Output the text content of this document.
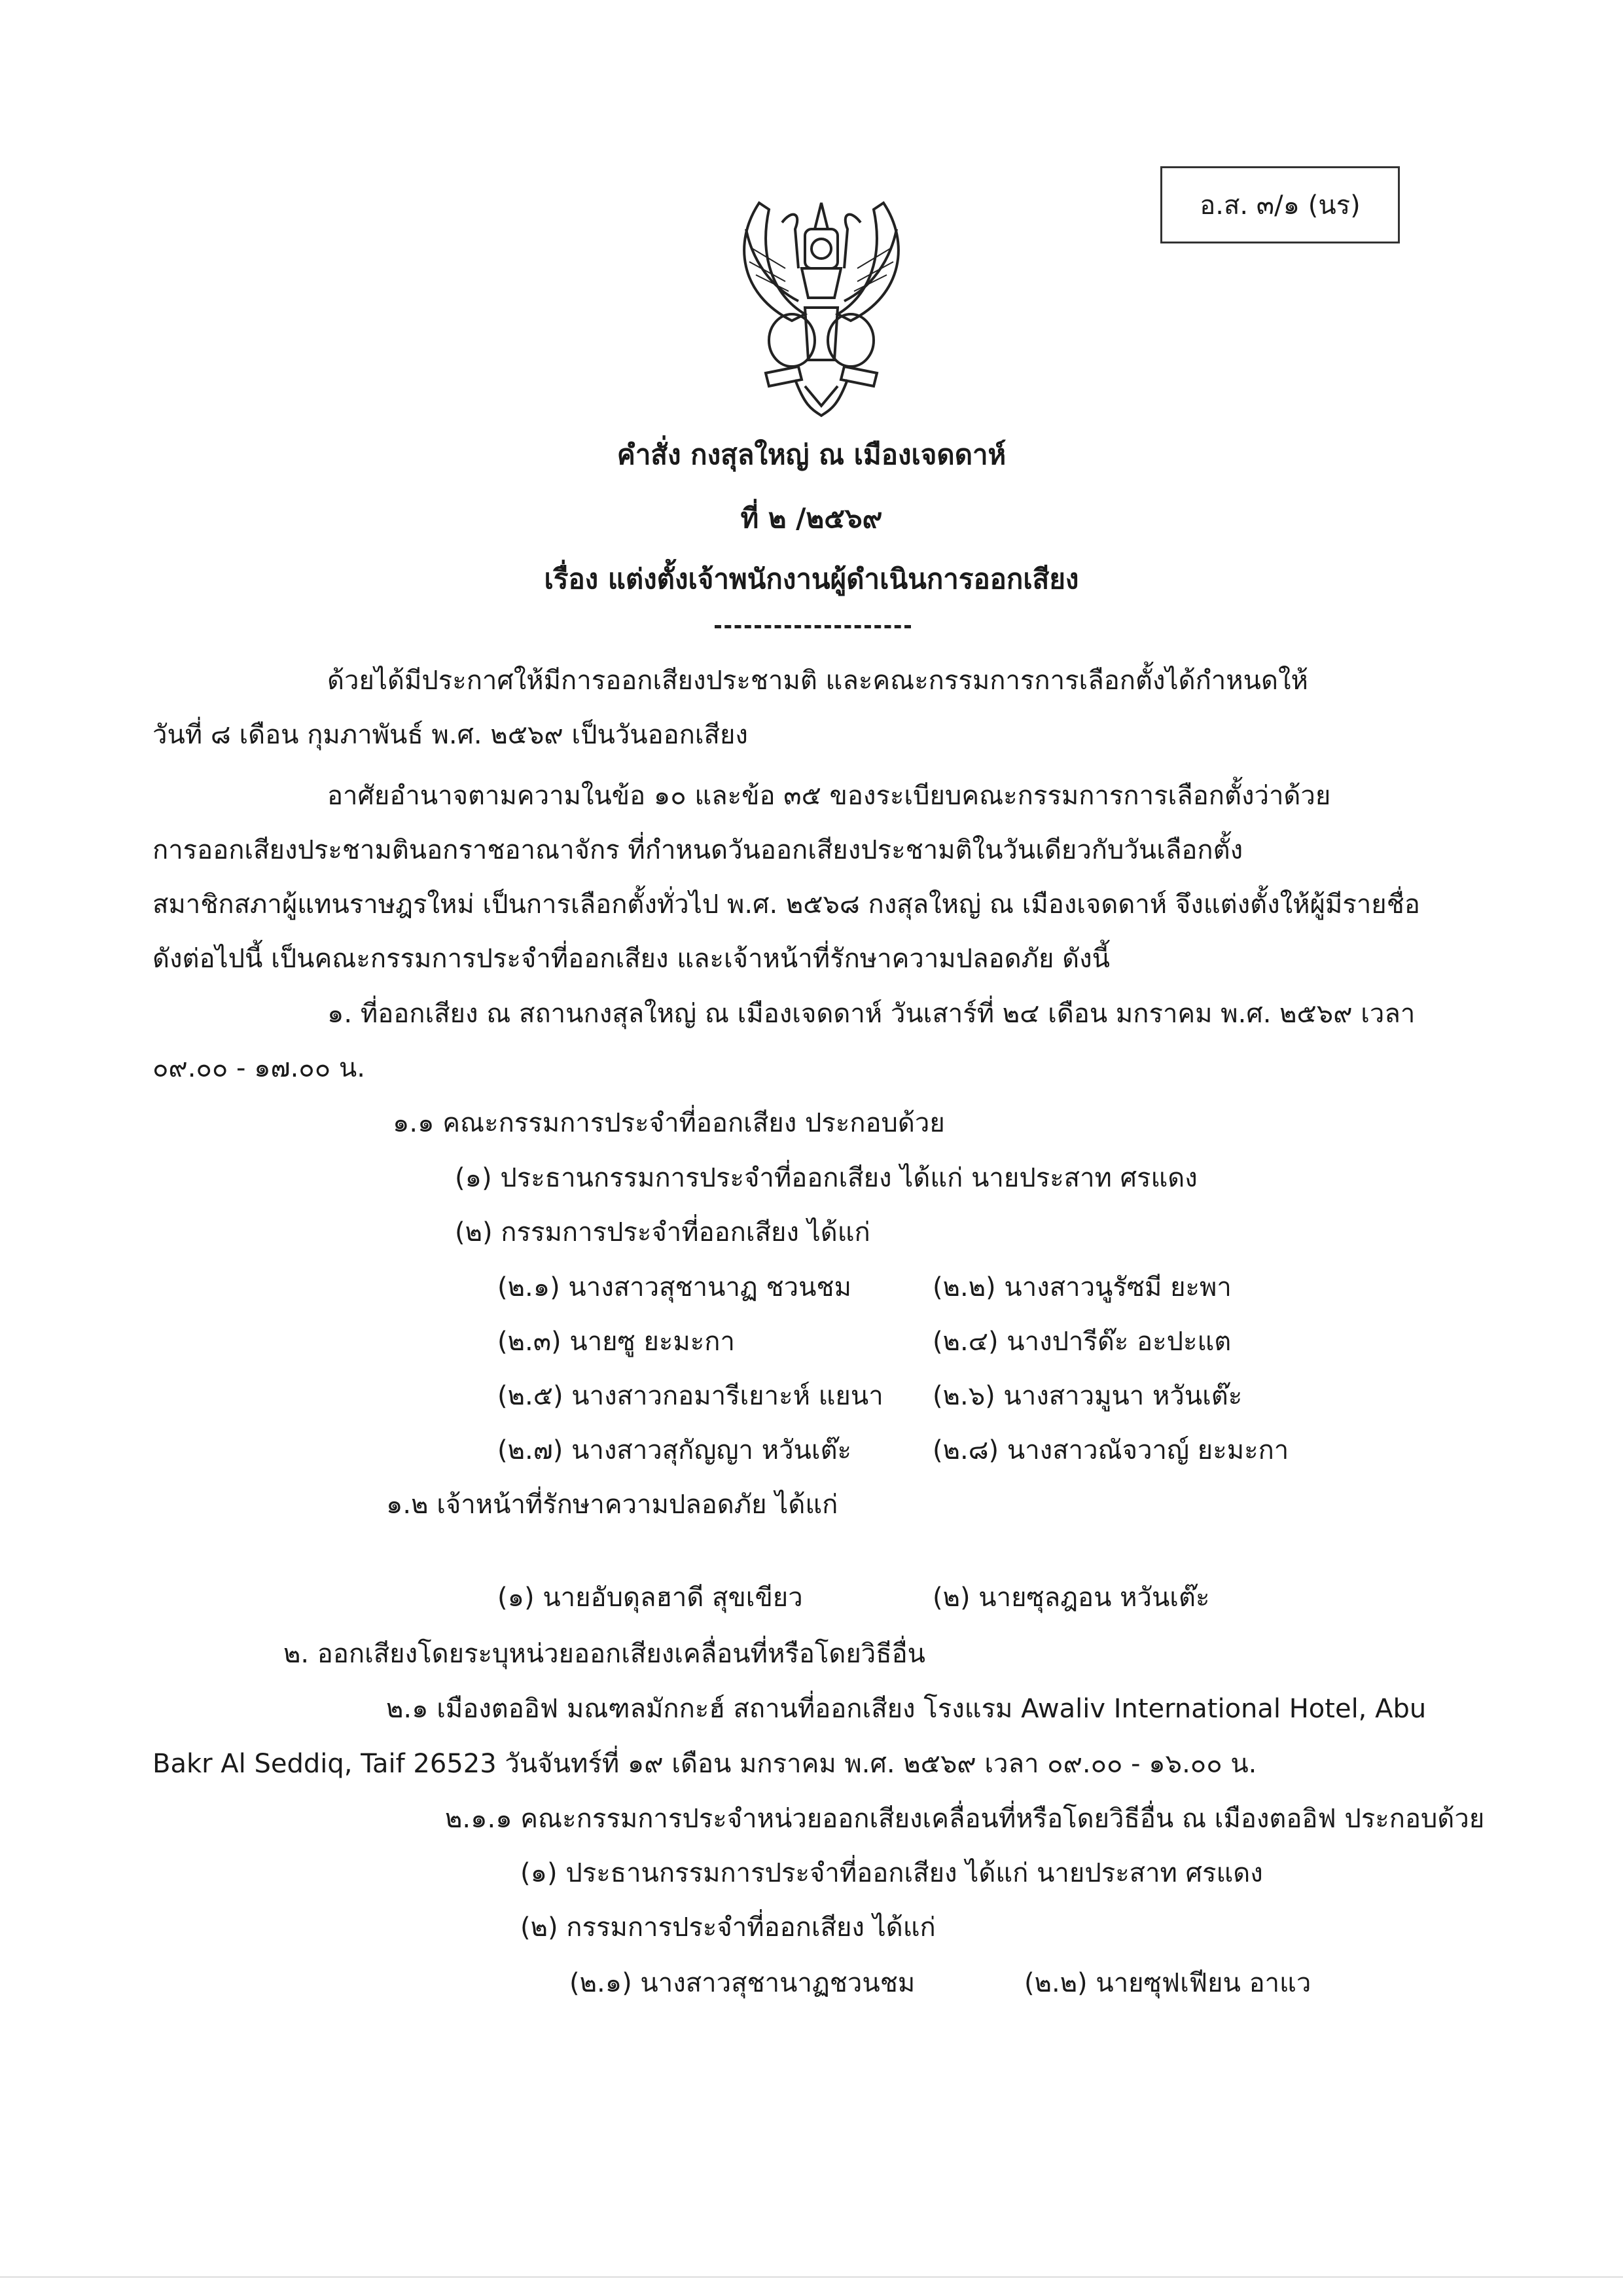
อ.ส. ๓/๑ (นร)
คำสั่ง กงสุลใหญ่ ณ เมืองเจดดาห์
ที่ ๒ /๒๕๖๙
เรื่อง แต่งตั้งเจ้าพนักงานผู้ดำเนินการออกเสียง
ด้วยได้มีประกาศให้มีการออกเสียงประชามติ และคณะกรรมการการเลือกตั้งได้กำหนดให้
วันที่ ๘ เดือน กุมภาพันธ์ พ.ศ. ๒๕๖๙ เป็นวันออกเสียง
อาศัยอำนาจตามความในข้อ ๑๐ และข้อ ๓๕ ของระเบียบคณะกรรมการการเลือกตั้งว่าด้วย
การออกเสียงประชามตินอกราชอาณาจักร ที่กำหนดวันออกเสียงประชามติในวันเดียวกับวันเลือกตั้ง
สมาชิกสภาผู้แทนราษฎรใหม่ เป็นการเลือกตั้งทั่วไป พ.ศ. ๒๕๖๘ กงสุลใหญ่ ณ เมืองเจดดาห์ จึงแต่งตั้งให้ผู้มีรายชื่อ
ดังต่อไปนี้ เป็นคณะกรรมการประจำที่ออกเสียง และเจ้าหน้าที่รักษาความปลอดภัย ดังนี้
๑. ที่ออกเสียง ณ สถานกงสุลใหญ่ ณ เมืองเจดดาห์ วันเสาร์ที่ ๒๔ เดือน มกราคม พ.ศ. ๒๕๖๙ เวลา
๐๙.๐๐ - ๑๗.๐๐ น.
๑.๑ คณะกรรมการประจำที่ออกเสียง ประกอบด้วย
(๑) ประธานกรรมการประจำที่ออกเสียง ได้แก่ นายประสาท ศรแดง
(๒) กรรมการประจำที่ออกเสียง ได้แก่
(๒.๑) นางสาวสุชานาฏ ชวนชม	(๒.๒) นางสาวนูรัซมี ยะพา
(๒.๓) นายซู ยะมะกา	(๒.๔) นางปารีด๊ะ อะปะแต
(๒.๕) นางสาวกอมารีเยาะห์ แยนา (๒.๖) นางสาวมูนา หวันเต๊ะ
(๒.๗) นางสาวสุกัญญา หวันเต๊ะ	(๒.๘) นางสาวณัจวาญ์ ยะมะกา
๑.๒ เจ้าหน้าที่รักษาความปลอดภัย ได้แก่
(๑) นายอับดุลฮาดี สุขเขียว	(๒) นายซุลฎอน หวันเต๊ะ
๒. ออกเสียงโดยระบุหน่วยออกเสียงเคลื่อนที่หรือโดยวิธีอื่น
๒.๑ เมืองตออิฟ มณฑลมักกะฮ์ สถานที่ออกเสียง โรงแรม Awaliv International Hotel, Abu
Bakr Al Seddiq, Taif 26523 วันจันทร์ที่ ๑๙ เดือน มกราคม พ.ศ. ๒๕๖๙ เวลา ๐๙.๐๐ - ๑๖.๐๐ น.
๒.๑.๑ คณะกรรมการประจำหน่วยออกเสียงเคลื่อนที่หรือโดยวิธีอื่น ณ เมืองตออิฟ ประกอบด้วย
(๑) ประธานกรรมการประจำที่ออกเสียง ได้แก่ นายประสาท ศรแดง
(๒) กรรมการประจำที่ออกเสียง ได้แก่
(๒.๑) นางสาวสุชานาฏชวนชม	(๒.๒) นายซุฟเฟียน อาแว
